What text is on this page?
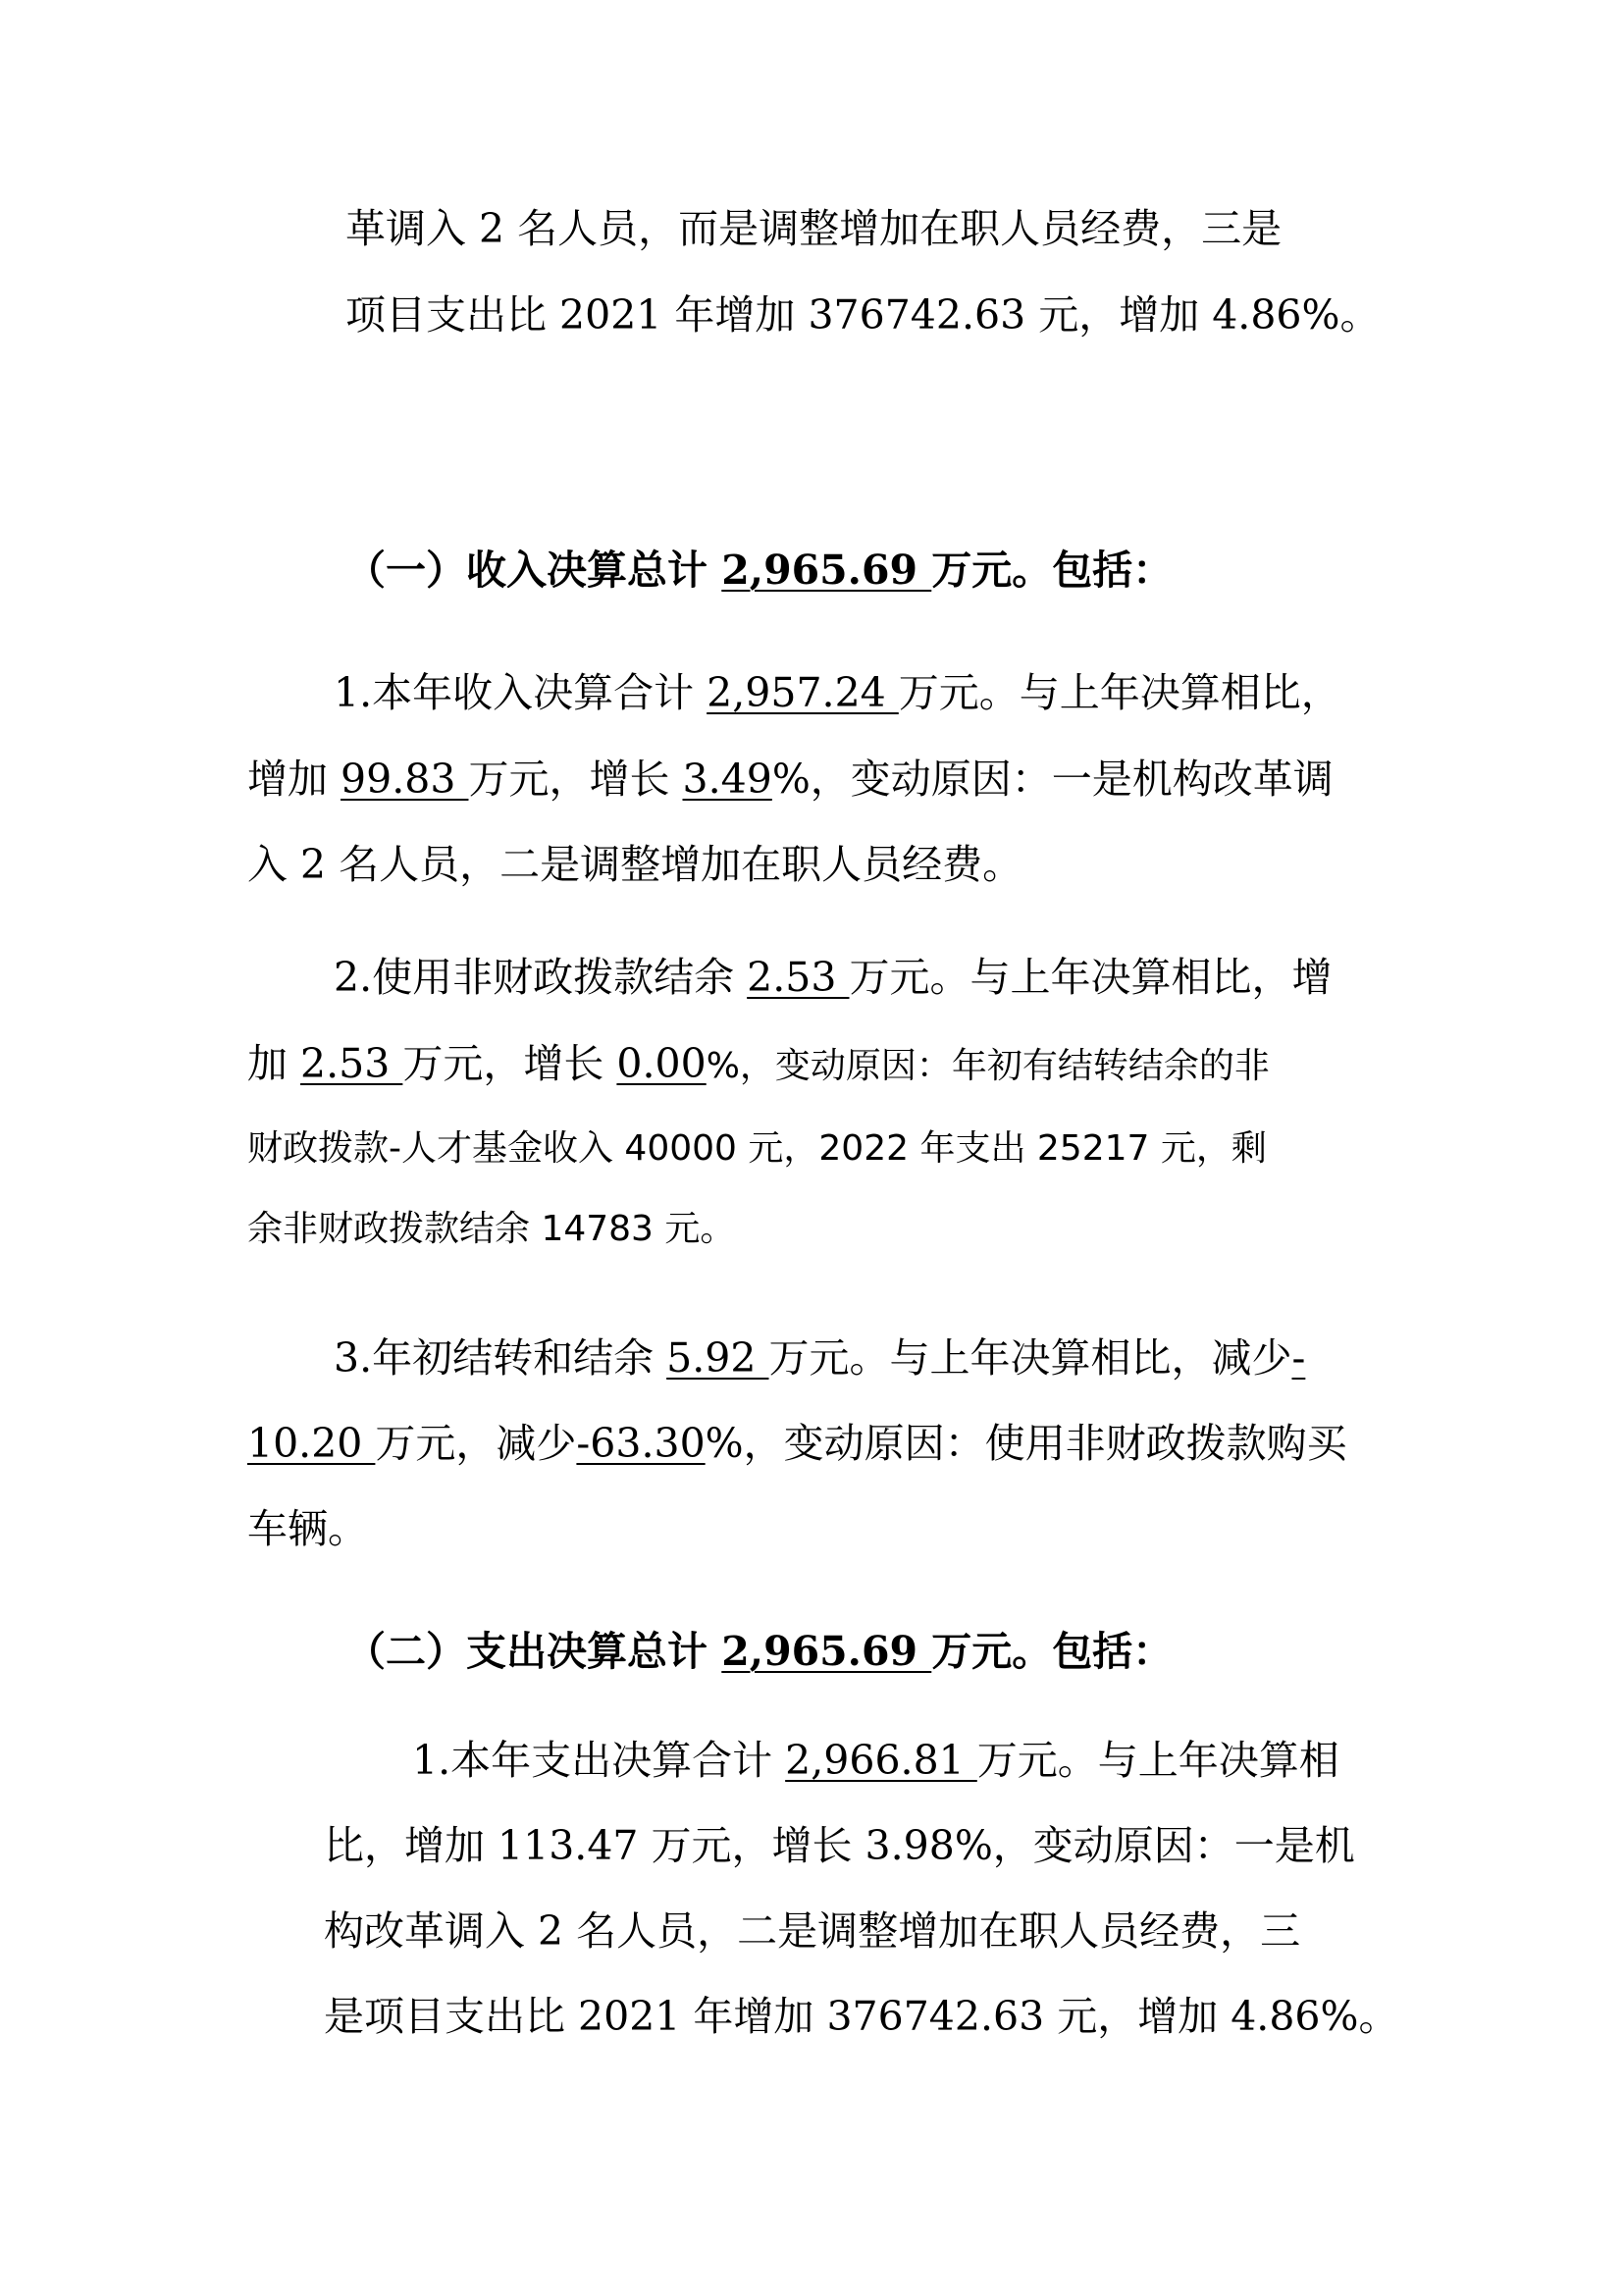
革调入 2 名人员，而是调整增加在职人员经费，三是
项目支出比 2021 年增加 376742.63 元，增加 4.86%。
（一）收入决算总计 2,965.69 万元。包括：
1.本年收入决算合计 2,957.24 万元。与上年决算相比，
增加 99.83 万元，增长 3.49%，变动原因：一是机构改革调
入 2 名人员，二是调整增加在职人员经费。
2.使用非财政拨款结余 2.53 万元。与上年决算相比，增
加 2.53 万元，增长 0.00%，变动原因：年初有结转结余的非
财政拨款-人才基金收入 40000 元，2022 年支出 25217 元，剩
余非财政拨款结余 14783 元。
3.年初结转和结余 5.92 万元。与上年决算相比，减少-
10.20 万元，减少-63.30%，变动原因：使用非财政拨款购买
车辆。
（二）支出决算总计 2,965.69 万元。包括：
1.本年支出决算合计 2,966.81 万元。与上年决算相
比，增加 113.47 万元，增长 3.98%，变动原因：一是机
构改革调入 2 名人员，二是调整增加在职人员经费，三
是项目支出比 2021 年增加 376742.63 元，增加 4.86%。
